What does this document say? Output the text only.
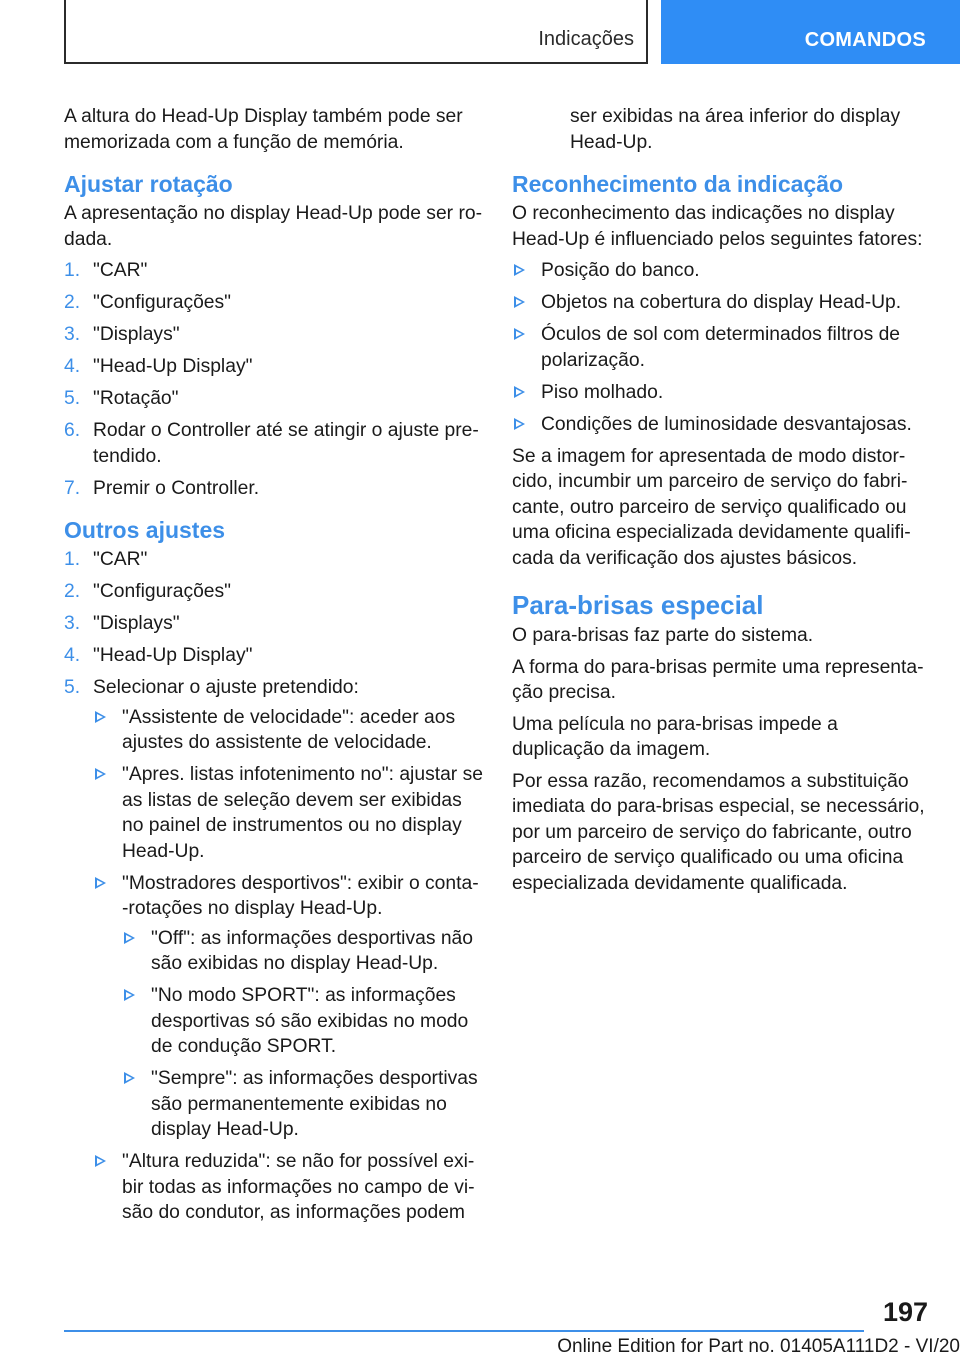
Indicações	COMANDOS

A altura do Head-Up Display também pode ser memorizada com a função de memória.

Ajustar rotação

A apresentação no display Head-Up pode ser ro-dada.

1. "CAR"
2. "Configurações"
3. "Displays"
4. "Head-Up Display"
5. "Rotação"
6. Rodar o Controller até se atingir o ajuste pre-tendido.
7. Premir o Controller.
Outros ajustes
1. "CAR"
2. "Configurações"
3. "Displays"
4. "Head-Up Display"
5. Selecionar o ajuste pretendido:
"Assistente de velocidade": aceder aos ajustes do assistente de velocidade.
"Apres. listas infotenimento no": ajustar se as listas de seleção devem ser exibidas no painel de instrumentos ou no display Head-Up.
"Mostradores desportivos": exibir o conta--rotações no display Head-Up.
"Off": as informações desportivas não são exibidas no display Head-Up.
"No modo SPORT": as informações desportivas só são exibidas no modo de condução SPORT.
"Sempre": as informações desportivas são permanentemente exibidas no display Head-Up.
"Altura reduzida": se não for possível exi-bir todas as informações no campo de vi-são do condutor, as informações podem

ser exibidas na área inferior do display Head-Up.

Reconhecimento da indicação

O reconhecimento das indicações no display Head-Up é influenciado pelos seguintes fatores:

Posição do banco.
Objetos na cobertura do display Head-Up.
Óculos de sol com determinados filtros de polarização.
Piso molhado.
Condições de luminosidade desvantajosas.

Se a imagem for apresentada de modo distor-cido, incumbir um parceiro de serviço do fabri-cante, outro parceiro de serviço qualificado ou uma oficina especializada devidamente qualifi-cada da verificação dos ajustes básicos.

Para-brisas especial

O para-brisas faz parte do sistema.

A forma do para-brisas permite uma representa-ção precisa.

Uma película no para-brisas impede a duplicação da imagem.

Por essa razão, recomendamos a substituição imediata do para-brisas especial, se necessário, por um parceiro de serviço do fabricante, outro parceiro de serviço qualificado ou uma oficina especializada devidamente qualificada.

197
Online Edition for Part no. 01405A111D2 - VI/20
